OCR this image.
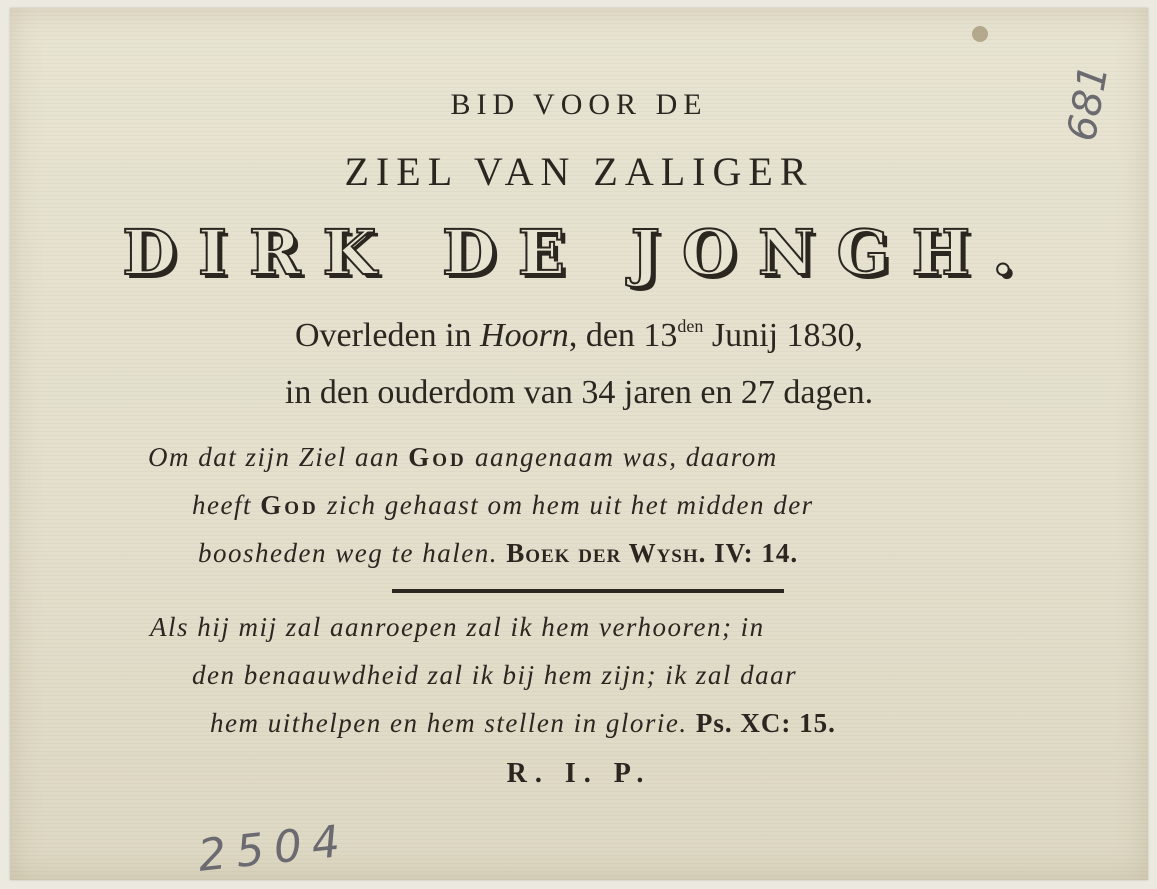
BID VOOR DE
ZIEL VAN ZALIGER
DIRK DE JONGH.
Overleden in Hoorn, den $13^{den}$ Junij 1830,
in den ouderdom van 34 jaren en 27 dagen.
Om dat zijn Ziel aan God aangenaam was, daarom
heeft God zich gehaast om hem uit het midden der
boosheden weg te halen. Boek der Wysh. IV: 14.
Als hij mij zal aanroepen zal ik hem verhooren; in
den benaauwdheid zal ik bij hem zijn; ik zal daar
hem uithelpen en hem stellen in glorie. Ps. XC: 15.
R. I. P.
681
2504
